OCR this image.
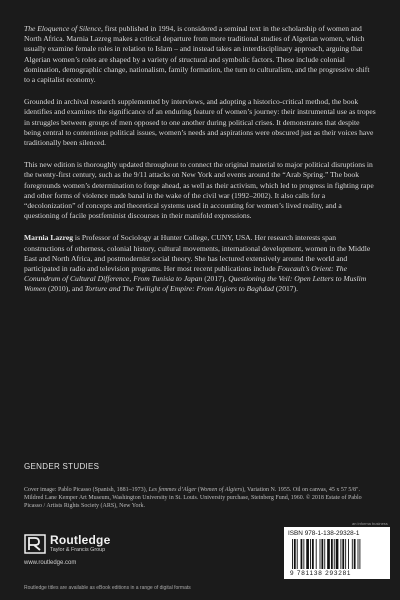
The Eloquence of Silence, first published in 1994, is considered a seminal text in the scholarship of women and North Africa. Marnia Lazreg makes a critical departure from more traditional studies of Algerian women, which usually examine female roles in relation to Islam – and instead takes an interdisciplinary approach, arguing that Algerian women’s roles are shaped by a variety of structural and symbolic factors. These include colonial domination, demographic change, nationalism, family formation, the turn to culturalism, and the progressive shift to a capitalist economy.

Grounded in archival research supplemented by interviews, and adopting a historico-critical method, the book identifies and examines the significance of an enduring feature of women’s journey: their instrumental use as tropes in struggles between groups of men opposed to one another during political crises. It demonstrates that despite being central to contentious political issues, women’s needs and aspirations were obscured just as their voices have traditionally been silenced.

This new edition is thoroughly updated throughout to connect the original material to major political disruptions in the twenty-first century, such as the 9/11 attacks on New York and events around the “Arab Spring.” The book foregrounds women’s determination to forge ahead, as well as their activism, which led to progress in fighting rape and other forms of violence made banal in the wake of the civil war (1992–2002). It also calls for a “decolonization” of concepts and theoretical systems used in accounting for women’s lived reality, and a questioning of facile postfeminist discourses in their manifold expressions.

Marnia Lazreg is Professor of Sociology at Hunter College, CUNY, USA. Her research interests span constructions of otherness, colonial history, cultural movements, international development, women in the Middle East and North Africa, and postmodernist social theory. She has lectured extensively around the world and participated in radio and television programs. Her most recent publications include Foucault’s Orient: The Conundrum of Cultural Difference, From Tunisia to Japan (2017), Questioning the Veil: Open Letters to Muslim Women (2010), and Torture and The Twilight of Empire: From Algiers to Baghdad (2017).

GENDER STUDIES
Cover image: Pablo Picasso (Spanish, 1881–1973), Les femmes d’Alger (Women of Algiers), Variation N. 1955. Oil on canvas, 45 x 57 5/8". Mildred Lane Kemper Art Museum, Washington University in St. Louis. University purchase, Steinberg Fund, 1960. © 2018 Estate of Pablo Picasso / Artists Rights Society (ARS), New York.
Routledge
Taylor & Francis Group
www.routledge.com
Routledge titles are available as eBook editions in a range of digital formats
an informa business
ISBN 978-1-138-29328-1
9 781138 293281
